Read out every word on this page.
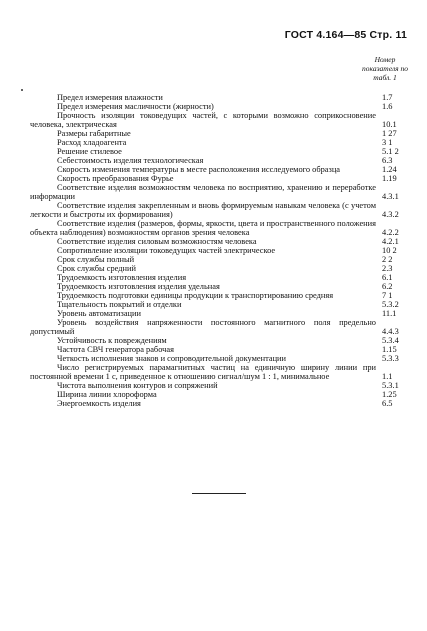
ГОСТ 4.164—85 Стр. 11
Номер показателя по табл. 1
Предел измерения влажности	1.7
Предел измерения масличности (жирности)	1.6
Прочность изоляции токоведущих частей, с которыми возможно соприкосновение человека, электрическая	10.1
Размеры габаритные	1 27
Расход хладоагента	3 1
Решение стилевое	5.1 2
Себестоимость изделия технологическая	6.3
Скорость изменения температуры в месте расположения исследуемого образца	1.24
Скорость преобразования Фурье	1.19
Соответствие изделия возможностям человека по восприятию, хранению и переработке информации	4.3.1
Соответствие изделия закрепленным и вновь формируемым навыкам человека (с учетом легкости и быстроты их формирования)	4.3.2
Соответствие изделия (размеров, формы, яркости, цвета и пространственного положения объекта наблюдения) возможностям органов зрения человека	4.2.2
Соответствие изделия силовым возможностям человека	4.2.1
Сопротивление изоляции токоведущих частей электрическое	10 2
Срок службы полный	2 2
Срок службы средний	2.3
Трудоемкость изготовления изделия	6.1
Трудоемкость изготовления изделия удельная	6.2
Трудоемкость подготовки единицы продукции к транспортированию средняя	7 1
Тщательность покрытий и отделки	5.3.2
Уровень автоматизации	11.1
Уровень воздействия напряженности постоянного магнитного поля предельно допустимый	4.4.3
Устойчивость к повреждениям	5.3.4
Частота СВЧ генератора рабочая	1.15
Четкость исполнения знаков и сопроводительной документации	5.3.3
Число регистрируемых парамагнитных частиц на единичную ширину линии при постоянной времени 1 с, приведенное к отношению сигнал/шум 1 : 1, минимальное	1.1
Чистота выполнения контуров и сопряжений	5.3.1
Ширина линии хлороформа	1.25
Энергоемкость изделия	6.5
